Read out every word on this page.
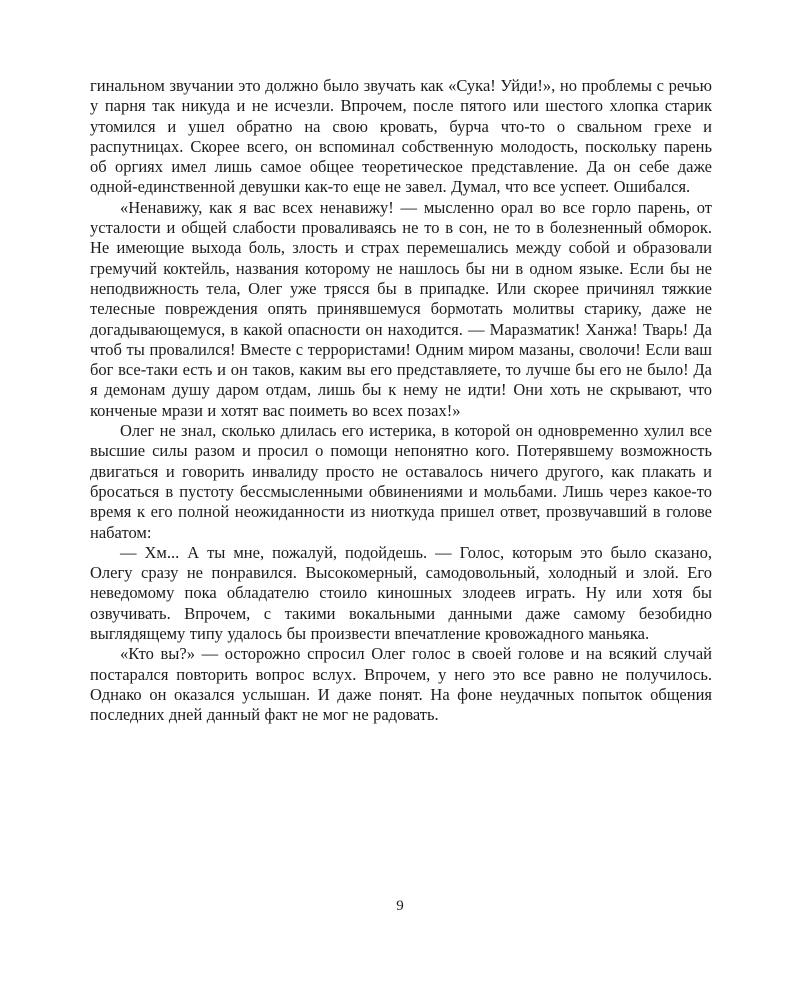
гинальном звучании это должно было звучать как «Сука! Уйди!», но проблемы с речью у парня так никуда и не исчезли. Впрочем, после пятого или шестого хлопка старик утомился и ушел обратно на свою кровать, бурча что-то о свальном грехе и распутницах. Скорее всего, он вспоминал собственную молодость, поскольку парень об оргиях имел лишь самое общее теоретическое представление. Да он себе даже одной-единственной девушки как-то еще не завел. Думал, что все успеет. Ошибался.

«Ненавижу, как я вас всех ненавижу! — мысленно орал во все горло парень, от усталости и общей слабости проваливаясь не то в сон, не то в болезненный обморок. Не имеющие выхода боль, злость и страх перемешались между собой и образовали гремучий коктейль, названия которому не нашлось бы ни в одном языке. Если бы не неподвижность тела, Олег уже трясся бы в припадке. Или скорее причинял тяжкие телесные повреждения опять принявшемуся бормотать молитвы старику, даже не догадывающемуся, в какой опасности он находится. — Маразматик! Ханжа! Тварь! Да чтоб ты провалился! Вместе с террористами! Одним миром мазаны, сволочи! Если ваш бог все-таки есть и он таков, каким вы его представляете, то лучше бы его не было! Да я демонам душу даром отдам, лишь бы к нему не идти! Они хоть не скрывают, что конченые мрази и хотят вас поиметь во всех позах!»

Олег не знал, сколько длилась его истерика, в которой он одновременно хулил все высшие силы разом и просил о помощи непонятно кого. Потерявшему возможность двигаться и говорить инвалиду просто не оставалось ничего другого, как плакать и бросаться в пустоту бессмысленными обвинениями и мольбами. Лишь через какое-то время к его полной неожиданности из ниоткуда пришел ответ, прозвучавший в голове набатом:

— Хм... А ты мне, пожалуй, подойдешь. — Голос, которым это было сказано, Олегу сразу не понравился. Высокомерный, самодовольный, холодный и злой. Его неведомому пока обладателю стоило киношных злодеев играть. Ну или хотя бы озвучивать. Впрочем, с такими вокальными данными даже самому безобидно выглядящему типу удалось бы произвести впечатление кровожадного маньяка.

«Кто вы?» — осторожно спросил Олег голос в своей голове и на всякий случай постарался повторить вопрос вслух. Впрочем, у него это все равно не получилось. Однако он оказался услышан. И даже понят. На фоне неудачных попыток общения последних дней данный факт не мог не радовать.

9
